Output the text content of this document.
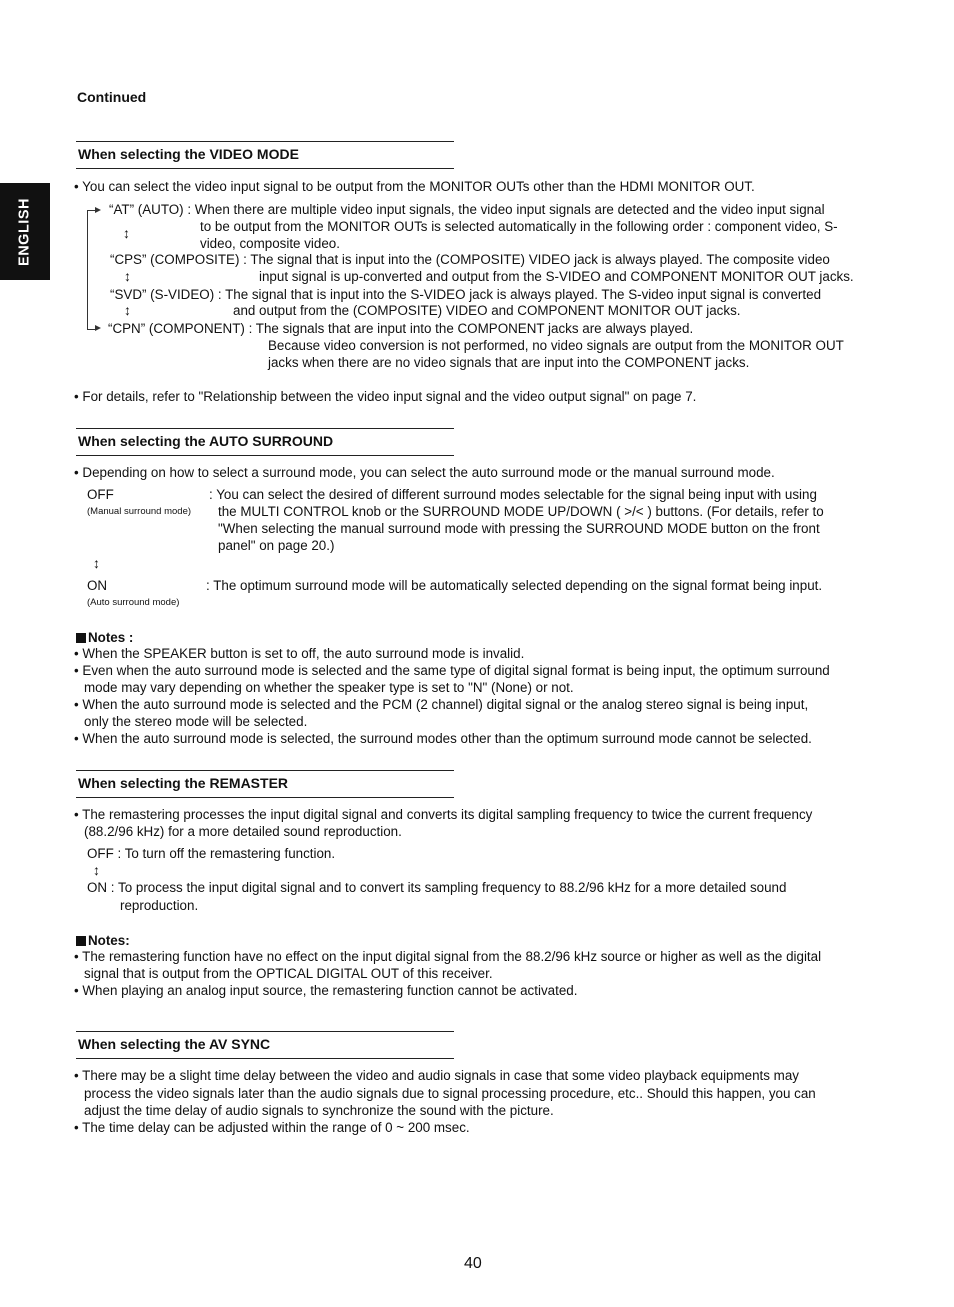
Continued
ENGLISH
When selecting the VIDEO MODE
• You can select the video input signal to be output from the MONITOR OUTs other than the HDMI MONITOR OUT.
“AT” (AUTO) : When there are multiple video input signals, the video input signals are detected and the video input signal
↕	to be output from the MONITOR OUTs is selected automatically in the following order : component video, S-
video, composite video.
“CPS” (COMPOSITE) : The signal that is input into the (COMPOSITE) VIDEO jack is always played. The composite video
↕	input signal is up-converted and output from the S-VIDEO and COMPONENT MONITOR OUT jacks.
“SVD” (S-VIDEO) : The signal that is input into the S-VIDEO jack is always played. The S-video input signal is converted
↕	and output from the (COMPOSITE) VIDEO and COMPONENT MONITOR OUT jacks.
“CPN” (COMPONENT) : The signals that are input into the COMPONENT jacks are always played.
Because video conversion is not performed, no video signals are output from the MONITOR OUT
jacks when there are no video signals that are input into the COMPONENT jacks.
• For details, refer to "Relationship between the video input signal and the video output signal" on page 7.
When selecting the AUTO SURROUND
• Depending on how to select a surround mode, you can select the auto surround mode or the manual surround mode.
OFF
(Manual surround mode)
: You can select the desired of different surround modes selectable for the signal being input with using
the MULTI CONTROL knob or the SURROUND MODE UP/DOWN ( >/< ) buttons. (For details, refer to
"When selecting the manual surround mode with pressing the SURROUND MODE button on the front
panel" on page 20.)
↕
ON
(Auto surround mode)
: The optimum surround mode will be automatically selected depending on the signal format being input.
Notes :
• When the SPEAKER button is set to off, the auto surround mode is invalid.
• Even when the auto surround mode is selected and the same type of digital signal format is being input, the optimum surround
mode may vary depending on whether the speaker type is set to "N" (None) or not.
• When the auto surround mode is selected and the PCM (2 channel) digital signal or the analog stereo signal is being input,
only the stereo mode will be selected.
• When the auto surround mode is selected, the surround modes other than the optimum surround mode cannot be selected.
When selecting the REMASTER
• The remastering processes the input digital signal and converts its digital sampling frequency to twice the current frequency
(88.2/96 kHz) for a more detailed sound reproduction.
OFF : To turn off the remastering function.
↕
ON : To process the input digital signal and to convert its sampling frequency to 88.2/96 kHz for a more detailed sound
reproduction.
Notes:
• The remastering function have no effect on the input digital signal from the 88.2/96 kHz source or higher as well as the digital
signal that is output from the OPTICAL DIGITAL OUT of this receiver.
• When playing an analog input source, the remastering function cannot be activated.
When selecting the AV SYNC
• There may be a slight time delay between the video and audio signals in case that some video playback equipments may
process the video signals later than the audio signals due to signal processing procedure, etc.. Should this happen, you can
adjust the time delay of audio signals to synchronize the sound with the picture.
• The time delay can be adjusted within the range of 0 ~ 200 msec.
40
